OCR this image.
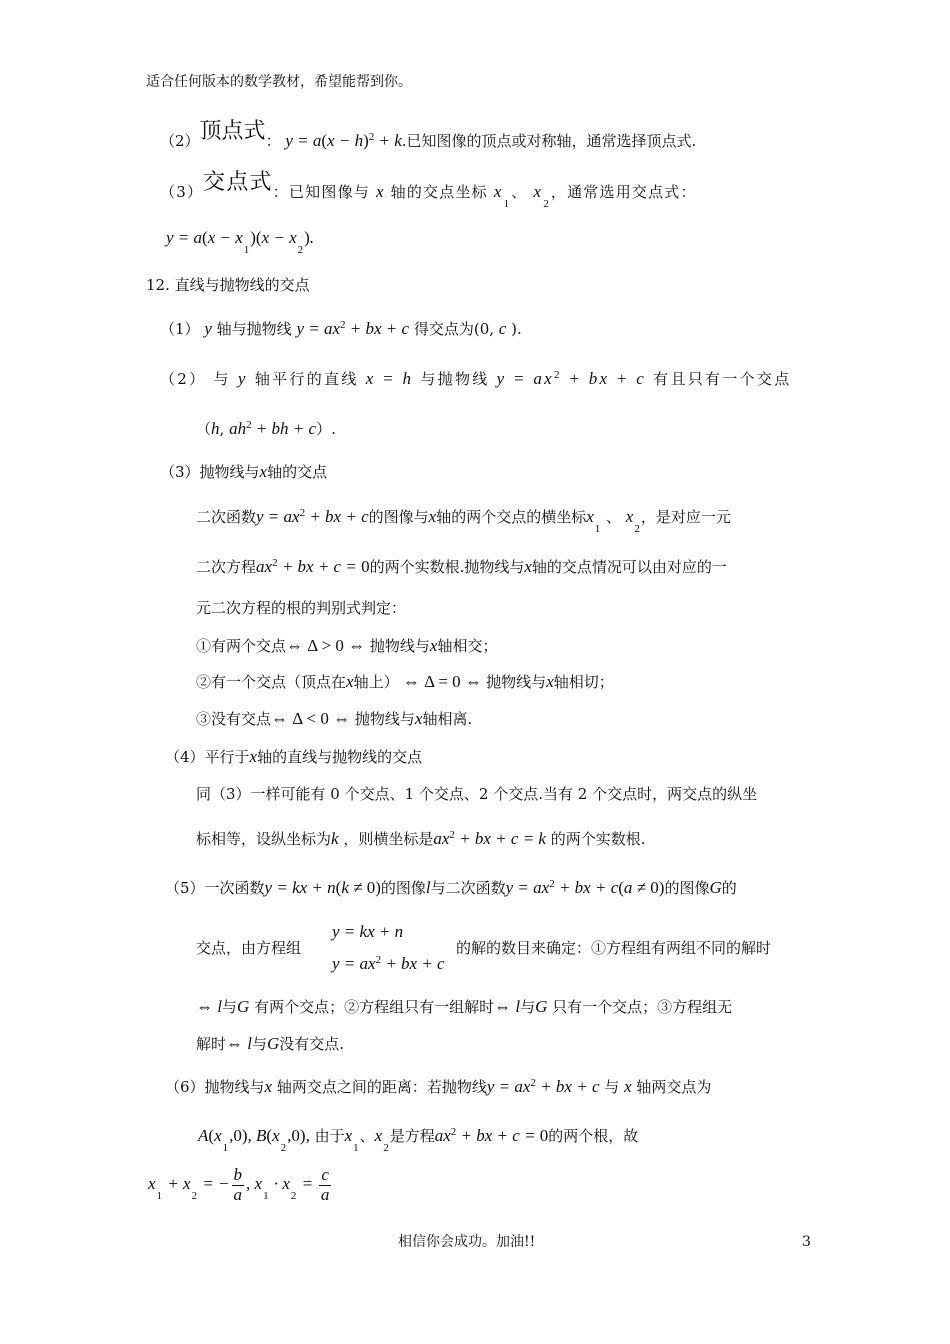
适合任何版本的数学教材，希望能帮到你。
（2）顶点式： $y = a(x - h)^2 + k$.已知图像的顶点或对称轴，通常选择顶点式.
（3）交点式：已知图像与 x 轴的交点坐标 $x_1$、 $x_2$，通常选用交点式：
$y = a(x - x_1)(x - x_2)$.
12. 直线与抛物线的交点
（1） y 轴与抛物线 $y = ax^2$ + bx + c 得交点为(0, c ).
（2） 与 y 轴平行的直线 x = h 与抛物线 $y = ax^2$ + bx + c 有且只有一个交点
（h, $ah^2$ + bh + c）.
（3）抛物线与x轴的交点
二次函数$y = ax^2$ + bx + c的图像与x轴的两个交点的横坐标$x_1$ 、 $x_2$，是对应一元
二次方程$ax^2$ + bx + c = 0的两个实数根.抛物线与x轴的交点情况可以由对应的一
元二次方程的根的判别式判定：
①有两个交点⇔ Δ > 0 ⇔ 抛物线与x轴相交；
②有一个交点（顶点在x轴上） ⇔ Δ = 0 ⇔ 抛物线与x轴相切；
③没有交点⇔ Δ < 0 ⇔ 抛物线与x轴相离.
（4）平行于x轴的直线与抛物线的交点
同（3）一样可能有 0 个交点、1 个交点、2 个交点.当有 2 个交点时，两交点的纵坐
标相等，设纵坐标为k ，则横坐标是$ax^2$ + bx + c = k 的两个实数根.
（5）一次函数y = kx + n(k ≠ 0)的图像l与二次函数$y = ax^2$ + bx + c(a ≠ 0)的图像G的
y = kx + n
交点，由方程组
$y = ax^2$ + bx + c
的解的数目来确定：①方程组有两组不同的解时
⇔ l与G 有两个交点；②方程组只有一组解时⇔ l与G 只有一个交点；③方程组无
解时⇔ l与G没有交点.
（6）抛物线与x 轴两交点之间的距离：若抛物线$y = ax^2$ + bx + c 与 x 轴两交点为
$A(x_1,0)$, $B(x_2,0)$, 由于$x_1$、$x_2$是方程$ax^2$ + bx + c = 0的两个根，故
$x_1 + x_2$ = − $\frac{b}{a}$ , $x_1 \cdot x_2 = \frac{c}{a}$
相信你会成功。加油!!	3
